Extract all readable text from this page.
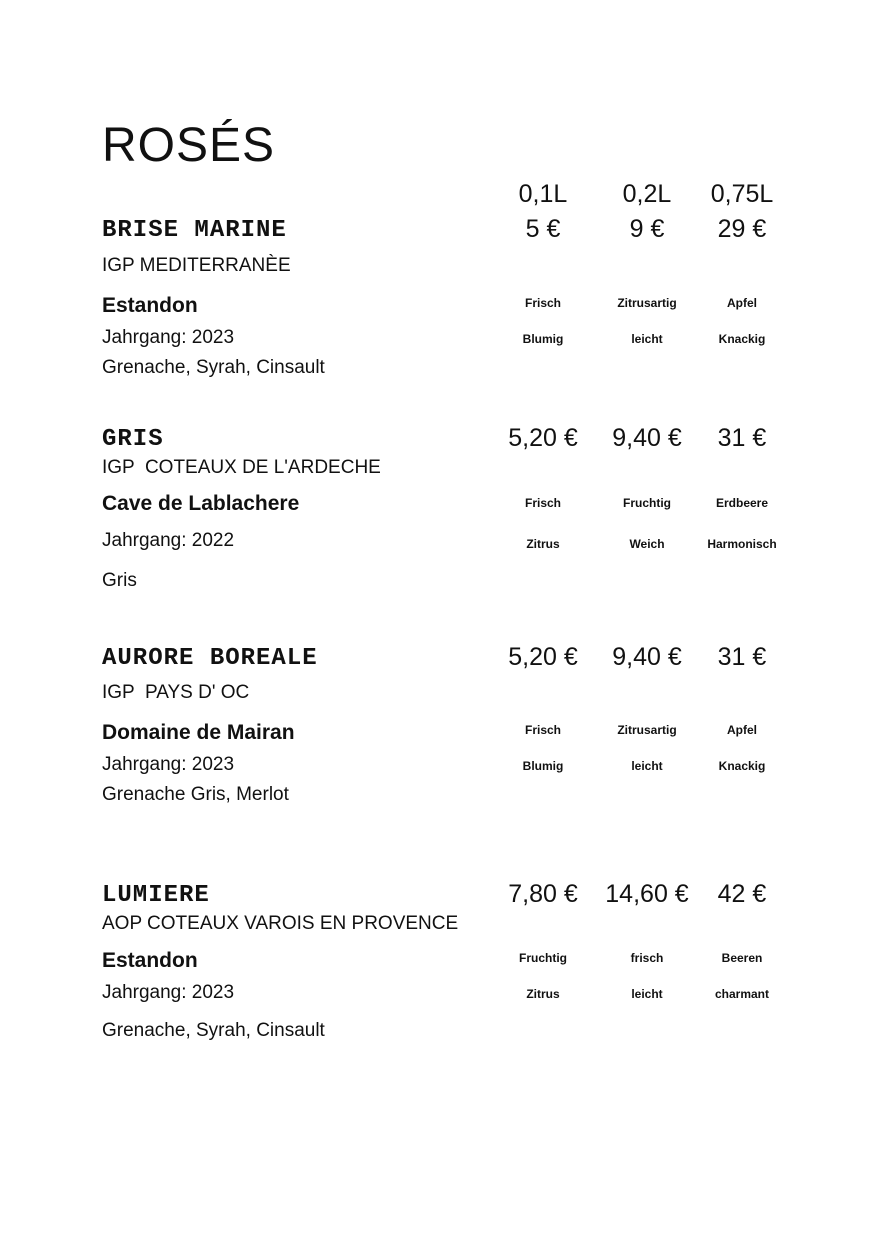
ROSÉS
0,1L	0,2L	0,75L
BRISE MARINE
IGP MEDITERRANÈE
Estandon
Jahrgang: 2023
Grenache, Syrah, Cinsault
5 €	9 €	29 €
Frisch	Zitrusartig	Apfel
Blumig	leicht	Knackig
GRIS
IGP  COTEAUX DE L'ARDECHE
Cave de Lablachere
Jahrgang: 2022
Gris
5,20 €	9,40 €	31 €
Frisch	Fruchtig	Erdbeere
Zitrus	Weich	Harmonisch
AURORE BOREALE
IGP  PAYS D' OC
Domaine de Mairan
Jahrgang: 2023
Grenache Gris, Merlot
5,20 €	9,40 €	31 €
Frisch	Zitrusartig	Apfel
Blumig	leicht	Knackig
LUMIERE
AOP COTEAUX VAROIS EN PROVENCE
Estandon
Jahrgang: 2023
Grenache, Syrah, Cinsault
7,80 €	14,60 €	42 €
Fruchtig	frisch	Beeren
Zitrus	leicht	charmant
